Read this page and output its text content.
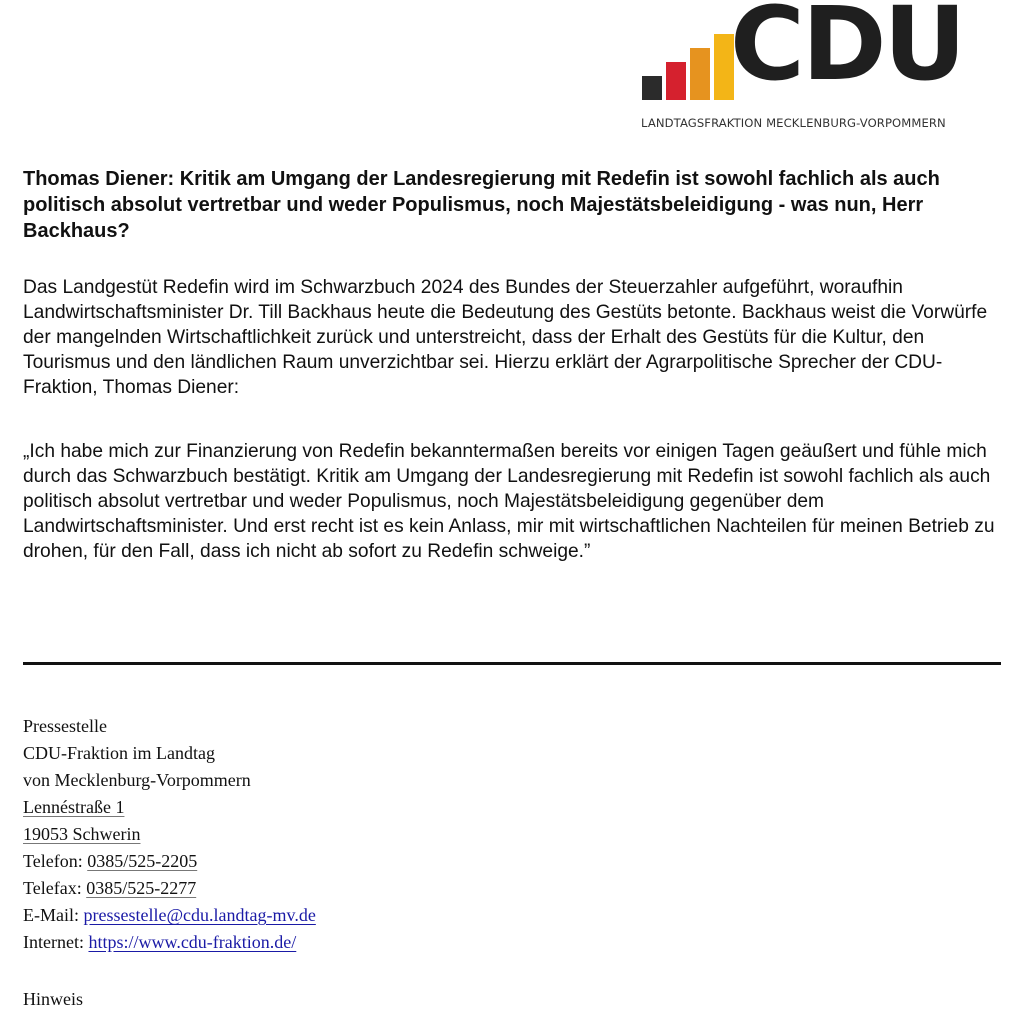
CDU
LANDTAGSFRAKTION MECKLENBURG-VORPOMMERN

Thomas Diener: Kritik am Umgang der Landesregierung mit Redefin ist sowohl fachlich als auch politisch absolut vertretbar und weder Populismus, noch Majestätsbeleidigung - was nun, Herr Backhaus?

Das Landgestüt Redefin wird im Schwarzbuch 2024 des Bundes der Steuerzahler aufgeführt, woraufhin Landwirtschaftsminister Dr. Till Backhaus heute die Bedeutung des Gestüts betonte. Backhaus weist die Vorwürfe der mangelnden Wirtschaftlichkeit zurück und unterstreicht, dass der Erhalt des Gestüts für die Kultur, den Tourismus und den ländlichen Raum unverzichtbar sei. Hierzu erklärt der Agrarpolitische Sprecher der CDU-Fraktion, Thomas Diener:

„Ich habe mich zur Finanzierung von Redefin bekanntermaßen bereits vor einigen Tagen geäußert und fühle mich durch das Schwarzbuch bestätigt. Kritik am Umgang der Landesregierung mit Redefin ist sowohl fachlich als auch politisch absolut vertretbar und weder Populismus, noch Majestätsbeleidigung gegenüber dem Landwirtschaftsminister. Und erst recht ist es kein Anlass, mir mit wirtschaftlichen Nachteilen für meinen Betrieb zu drohen, für den Fall, dass ich nicht ab sofort zu Redefin schweige.”

Pressestelle
CDU-Fraktion im Landtag
von Mecklenburg-Vorpommern
Lennéstraße 1
19053 Schwerin
Telefon: 0385/525-2205
Telefax: 0385/525-2277
E-Mail: pressestelle@cdu.landtag-mv.de
Internet: https://www.cdu-fraktion.de/
Hinweis
